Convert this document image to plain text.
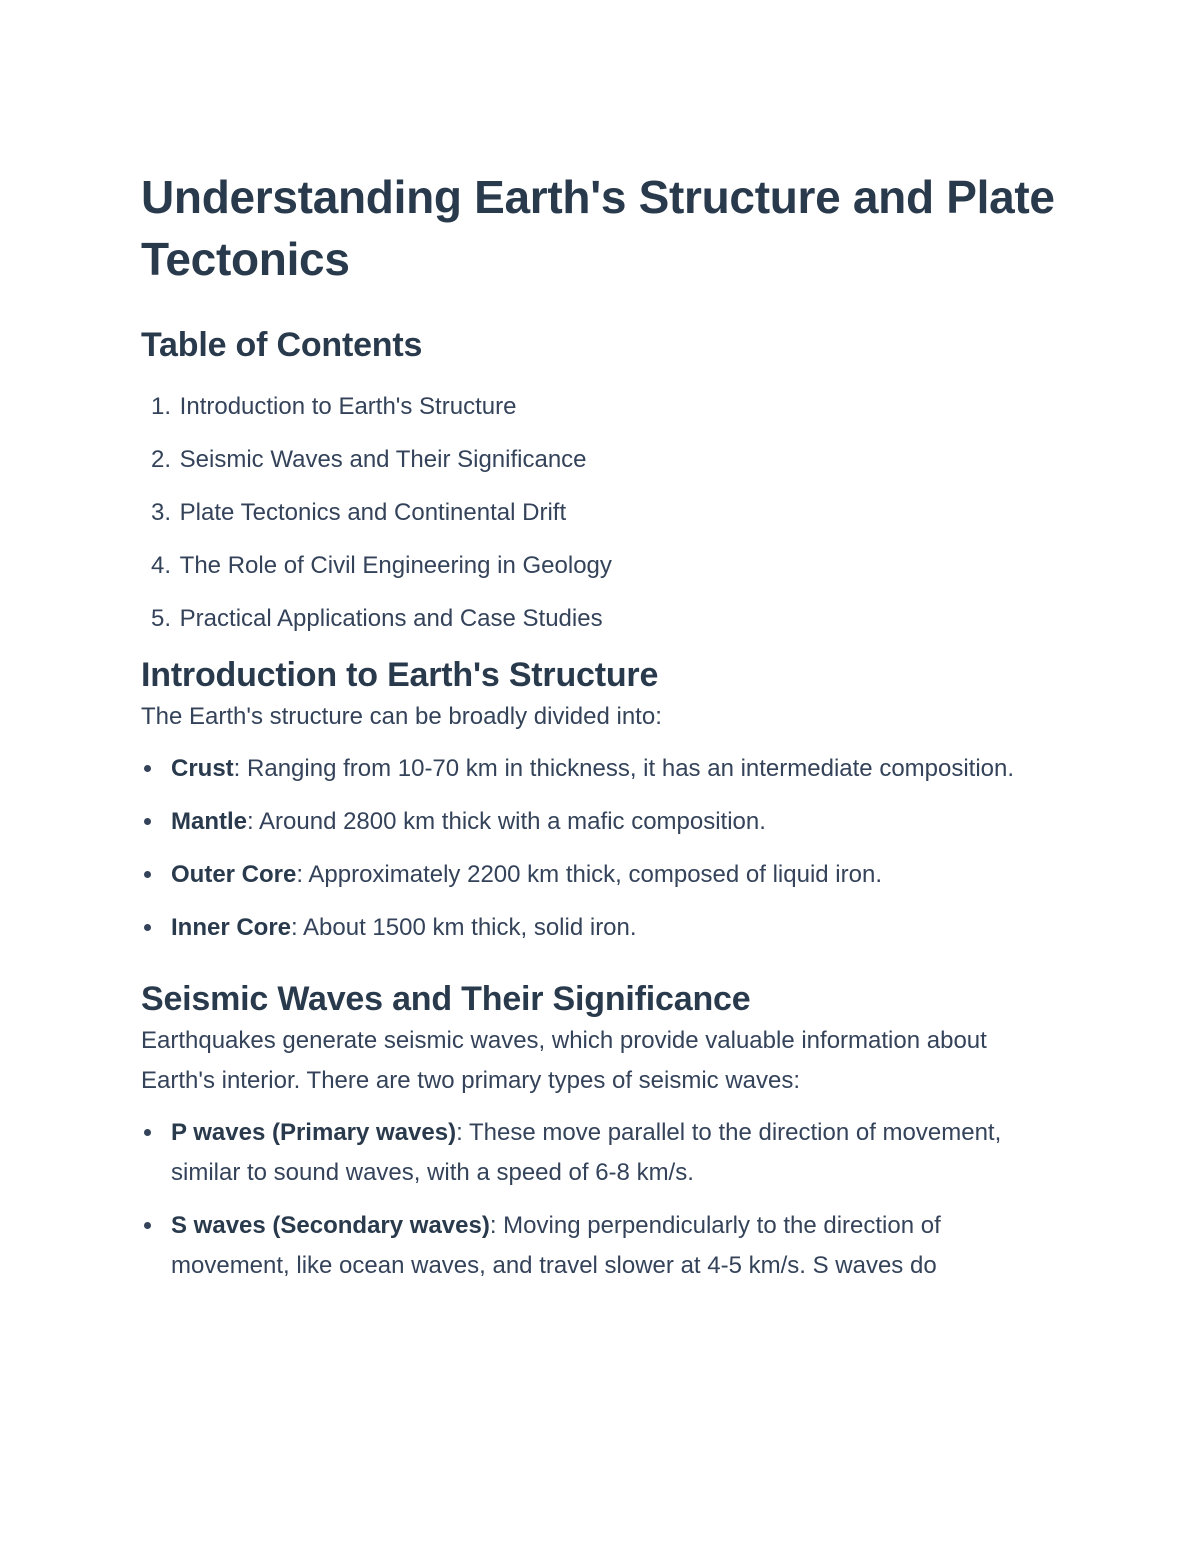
Understanding Earth's Structure and Plate Tectonics
Table of Contents
1. Introduction to Earth's Structure
2. Seismic Waves and Their Significance
3. Plate Tectonics and Continental Drift
4. The Role of Civil Engineering in Geology
5. Practical Applications and Case Studies
Introduction to Earth's Structure

The Earth's structure can be broadly divided into:

Crust: Ranging from 10-70 km in thickness, it has an intermediate composition.
Mantle: Around 2800 km thick with a mafic composition.
Outer Core: Approximately 2200 km thick, composed of liquid iron.
Inner Core: About 1500 km thick, solid iron.
Seismic Waves and Their Significance

Earthquakes generate seismic waves, which provide valuable information about Earth's interior. There are two primary types of seismic waves:

P waves (Primary waves): These move parallel to the direction of movement, similar to sound waves, with a speed of 6-8 km/s.
S waves (Secondary waves): Moving perpendicularly to the direction of movement, like ocean waves, and travel slower at 4-5 km/s. S waves do
